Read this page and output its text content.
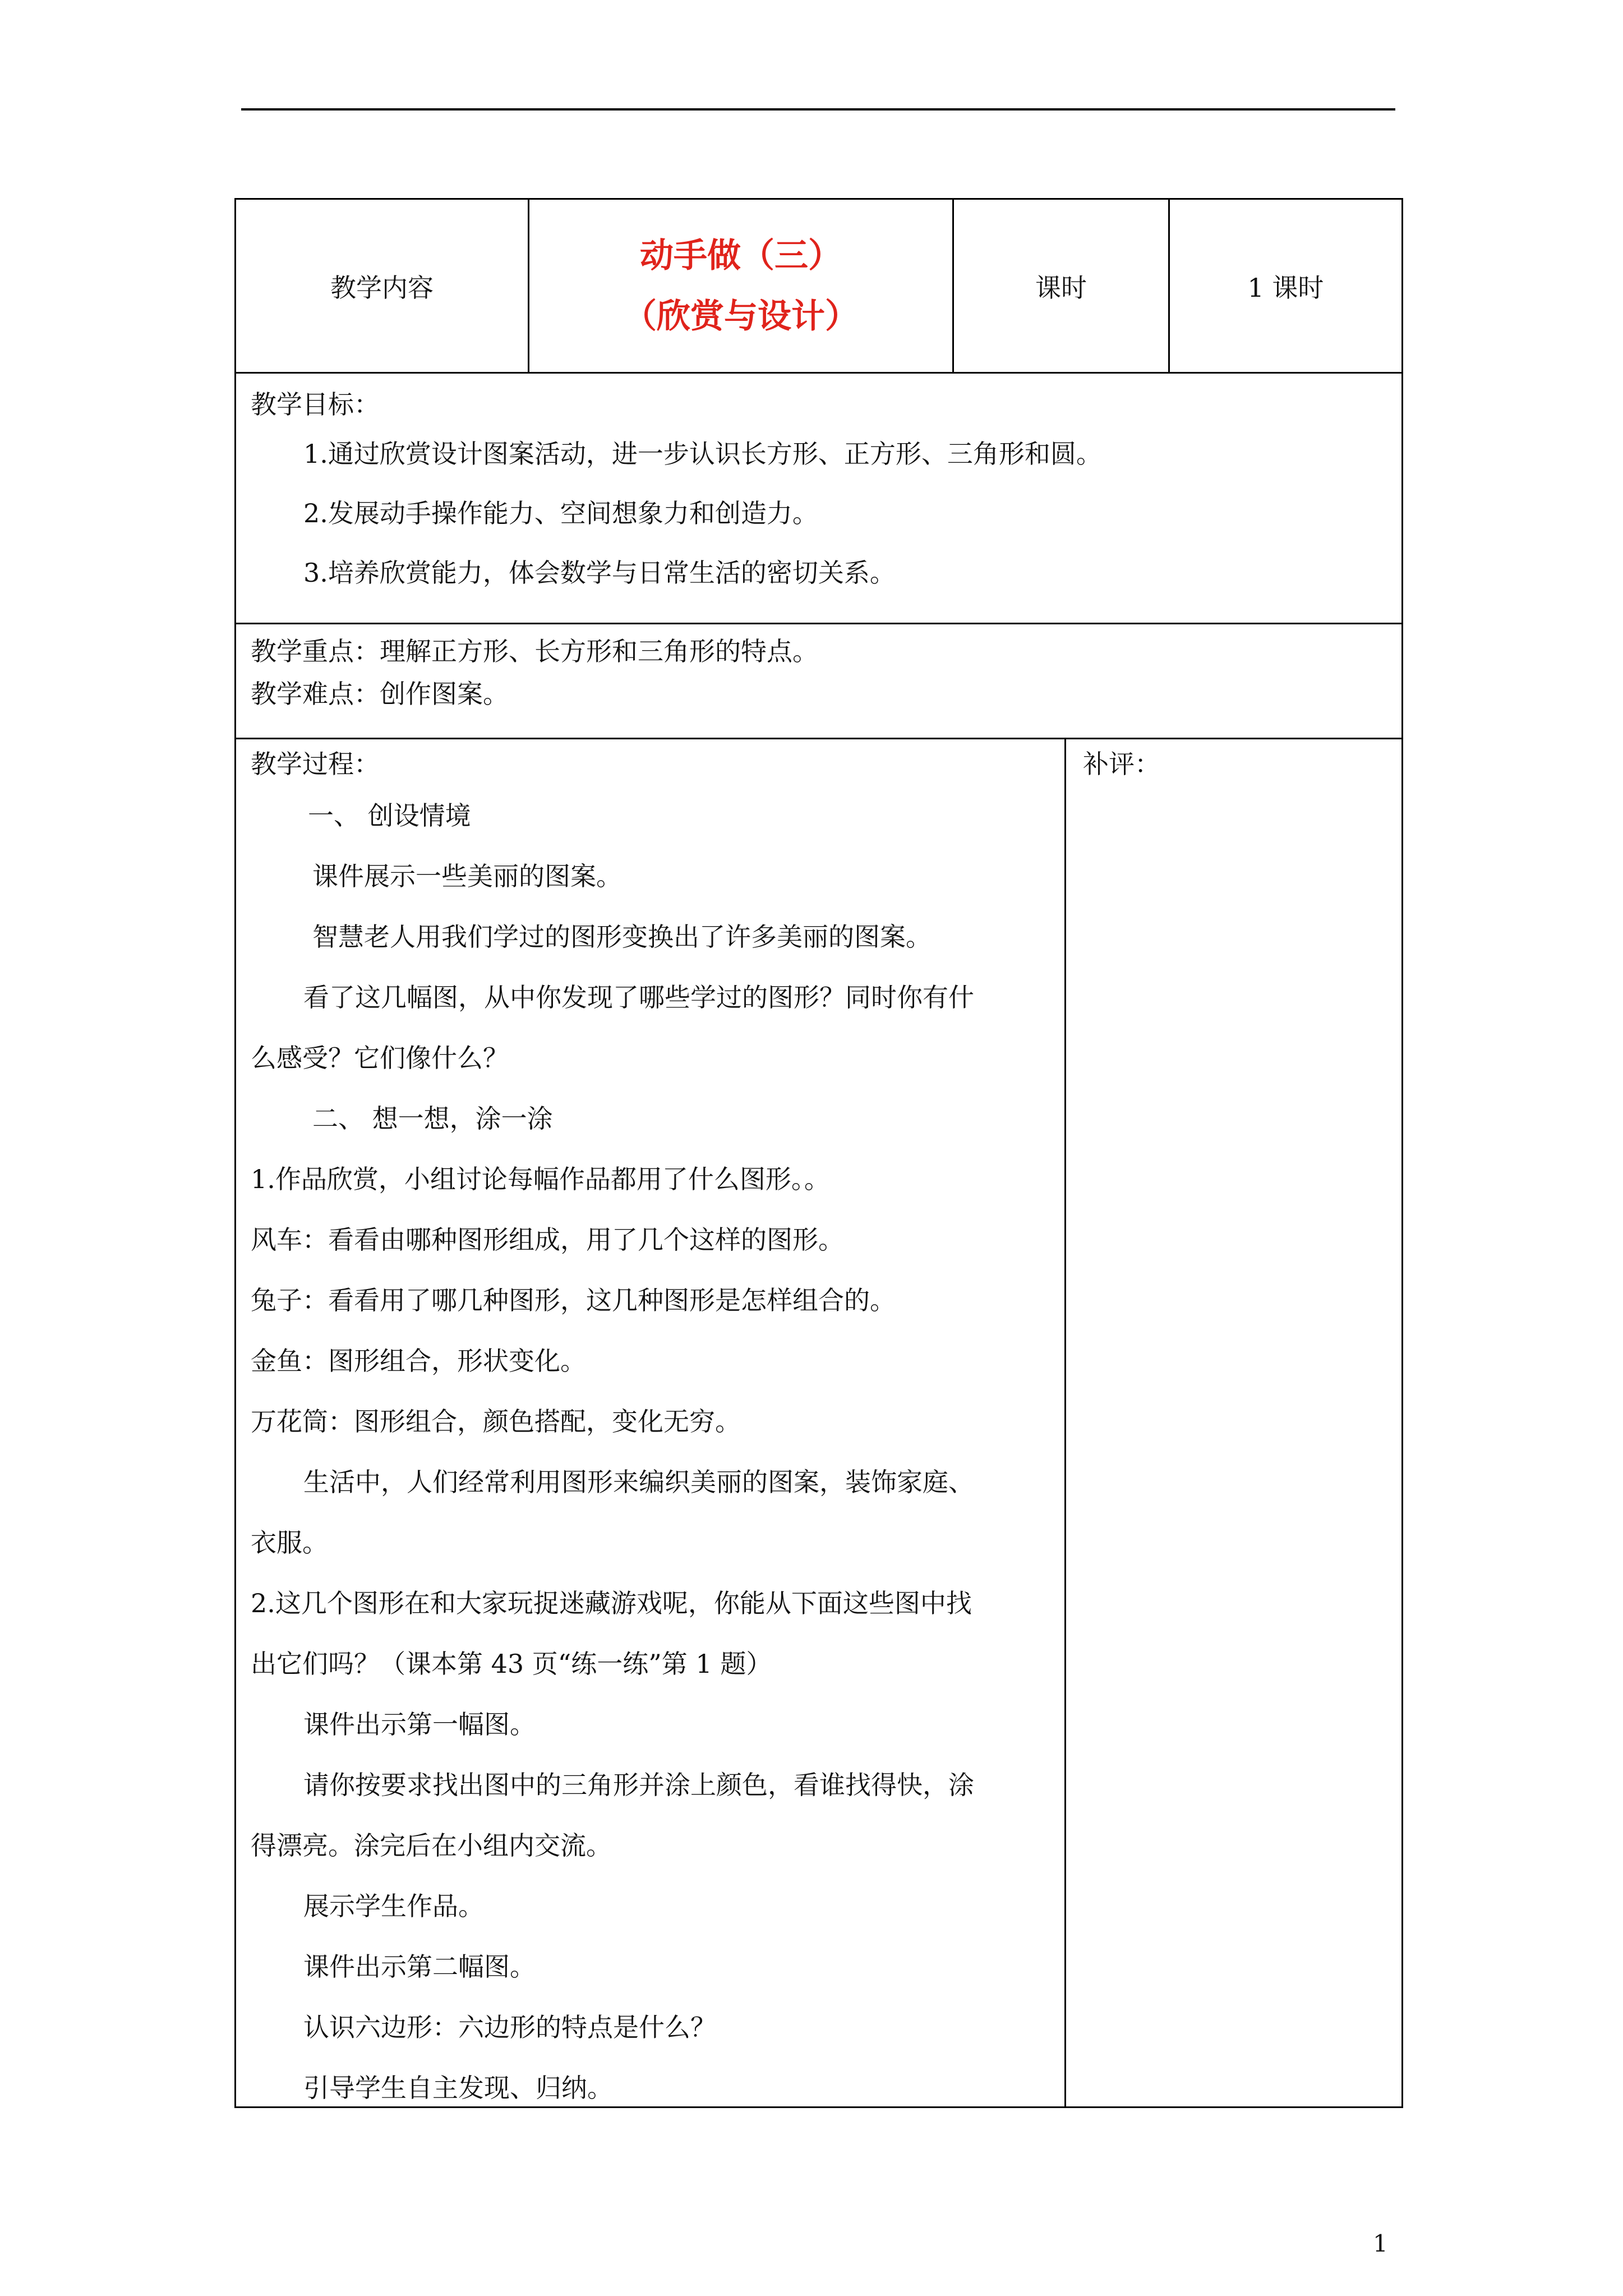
教学内容
动手做（三）
（欣赏与设计）
课时	1 课时
教学目标：
1.通过欣赏设计图案活动，进一步认识长方形、正方形、三角形和圆。
2.发展动手操作能力、空间想象力和创造力。
3.培养欣赏能力，体会数学与日常生活的密切关系。
教学重点：理解正方形、长方形和三角形的特点。
教学难点：创作图案。
教学过程：
一、 创设情境
课件展示一些美丽的图案。
智慧老人用我们学过的图形变换出了许多美丽的图案。
看了这几幅图，从中你发现了哪些学过的图形？同时你有什
么感受？它们像什么？
二、 想一想，涂一涂
1.作品欣赏，小组讨论每幅作品都用了什么图形。。
风车：看看由哪种图形组成，用了几个这样的图形。
兔子：看看用了哪几种图形，这几种图形是怎样组合的。
金鱼：图形组合，形状变化。
万花筒：图形组合，颜色搭配，变化无穷。
生活中，人们经常利用图形来编织美丽的图案，装饰家庭、
衣服。
2.这几个图形在和大家玩捉迷藏游戏呢，你能从下面这些图中找
出它们吗？（课本第 43 页“练一练”第 1 题）
课件出示第一幅图。
请你按要求找出图中的三角形并涂上颜色，看谁找得快，涂
得漂亮。涂完后在小组内交流。
展示学生作品。
课件出示第二幅图。
认识六边形：六边形的特点是什么？
引导学生自主发现、归纳。
补评：
1
